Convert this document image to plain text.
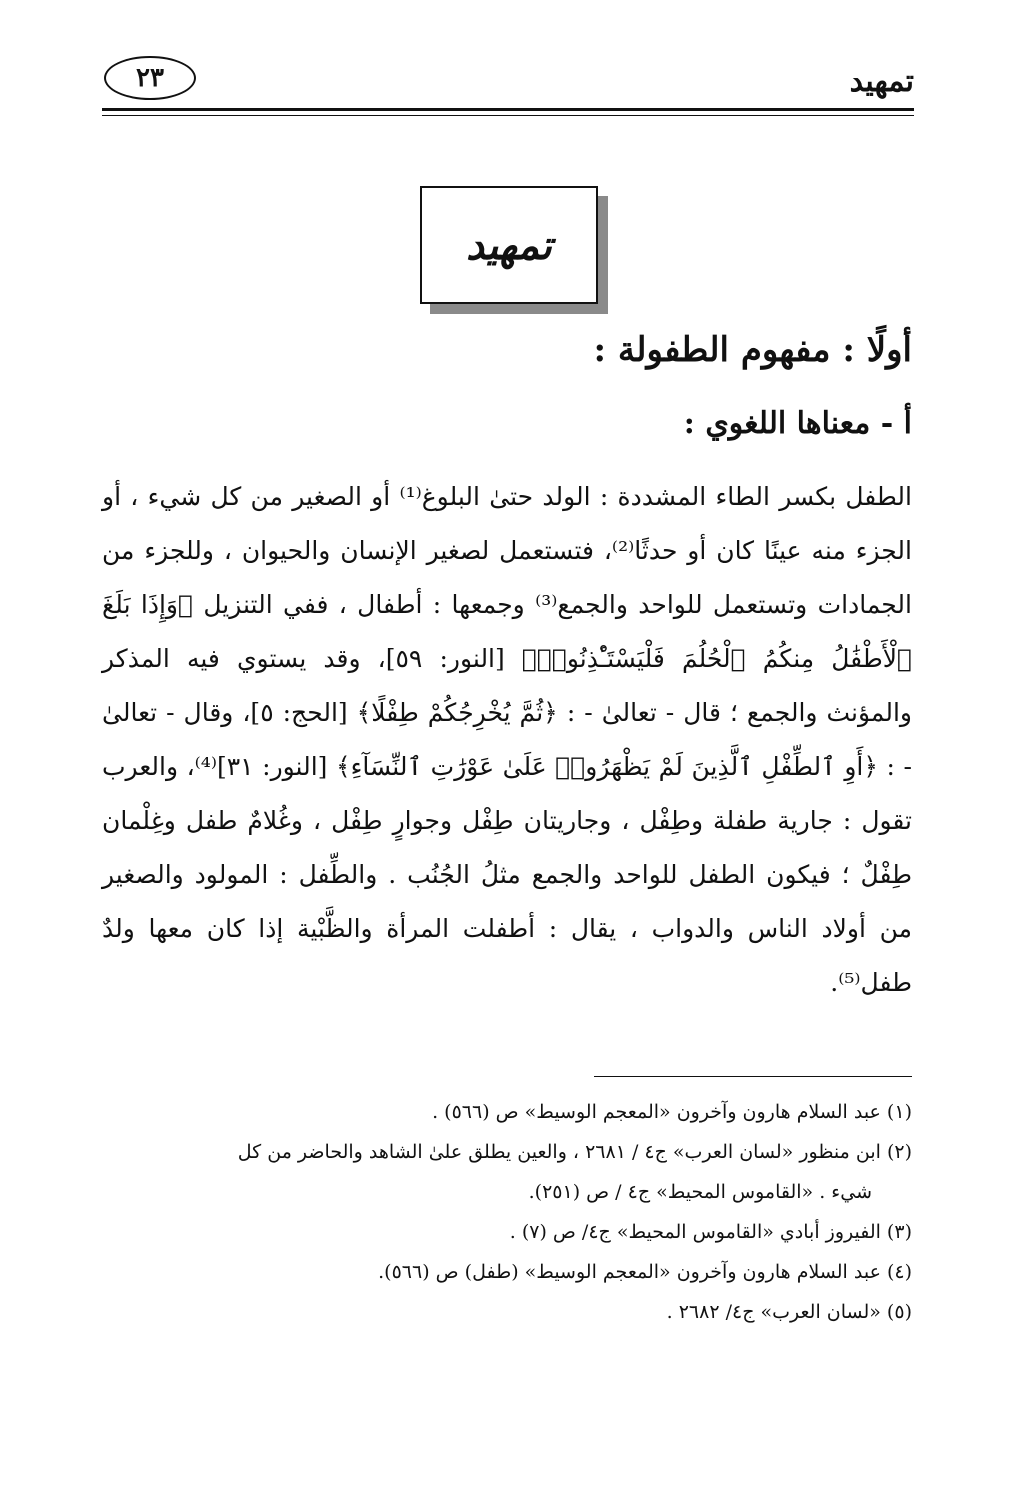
تمهيد
٢٣
تمهيد
أولًا : مفهوم الطفولة :
أ - معناها اللغوي :

الطفل بكسر الطاء المشددة : الولد حتىٰ البلوغ⁽¹⁾ أو الصغير من كل شيء ، أو الجزء منه عينًا كان أو حدثًا⁽²⁾، فتستعمل لصغير الإنسان والحيوان ، وللجزء من الجمادات وتستعمل للواحد والجمع⁽³⁾ وجمعها : أطفال ، ففي التنزيل ﴿وَإِذَا بَلَغَ ٱلْأَطْفَٰلُ مِنكُمُ ٱلْحُلُمَ فَلْيَسْتَـْٔذِنُوا۟﴾ [النور: ٥٩]، وقد يستوي فيه المذكر والمؤنث والجمع ؛ قال - تعالىٰ - : ﴿ثُمَّ يُخْرِجُكُمْ طِفْلًا﴾ [الحج: ٥]، وقال - تعالىٰ - : ﴿أَوِ ٱلطِّفْلِ ٱلَّذِينَ لَمْ يَظْهَرُوا۟ عَلَىٰ عَوْرَٰتِ ٱلنِّسَآءِ﴾ [النور: ٣١]⁽⁴⁾، والعرب تقول : جارية طفلة وطِفْل ، وجاريتان طِفْل وجوارٍ طِفْل ، وغُلامٌ طفل وغِلْمان طِفْلٌ ؛ فيكون الطفل للواحد والجمع مثلُ الجُنُب . والطِّفل : المولود والصغير من أولاد الناس والدواب ، يقال : أطفلت المرأة والظَّبْية إذا كان معها ولدٌ طفل⁽⁵⁾.

(١) عبد السلام هارون وآخرون «المعجم الوسيط» ص (٥٦٦) .

(٢) ابن منظور «لسان العرب» ج٤ / ٢٦٨١ ، والعين يطلق علىٰ الشاهد والحاضر من كل

شيء . «القاموس المحيط» ج٤ / ص (٢٥١).

(٣) الفيروز أبادي «القاموس المحيط» ج٤/ ص (٧) .

(٤) عبد السلام هارون وآخرون «المعجم الوسيط» (طفل) ص (٥٦٦).

(٥) «لسان العرب» ج٤/ ٢٦٨٢ .
